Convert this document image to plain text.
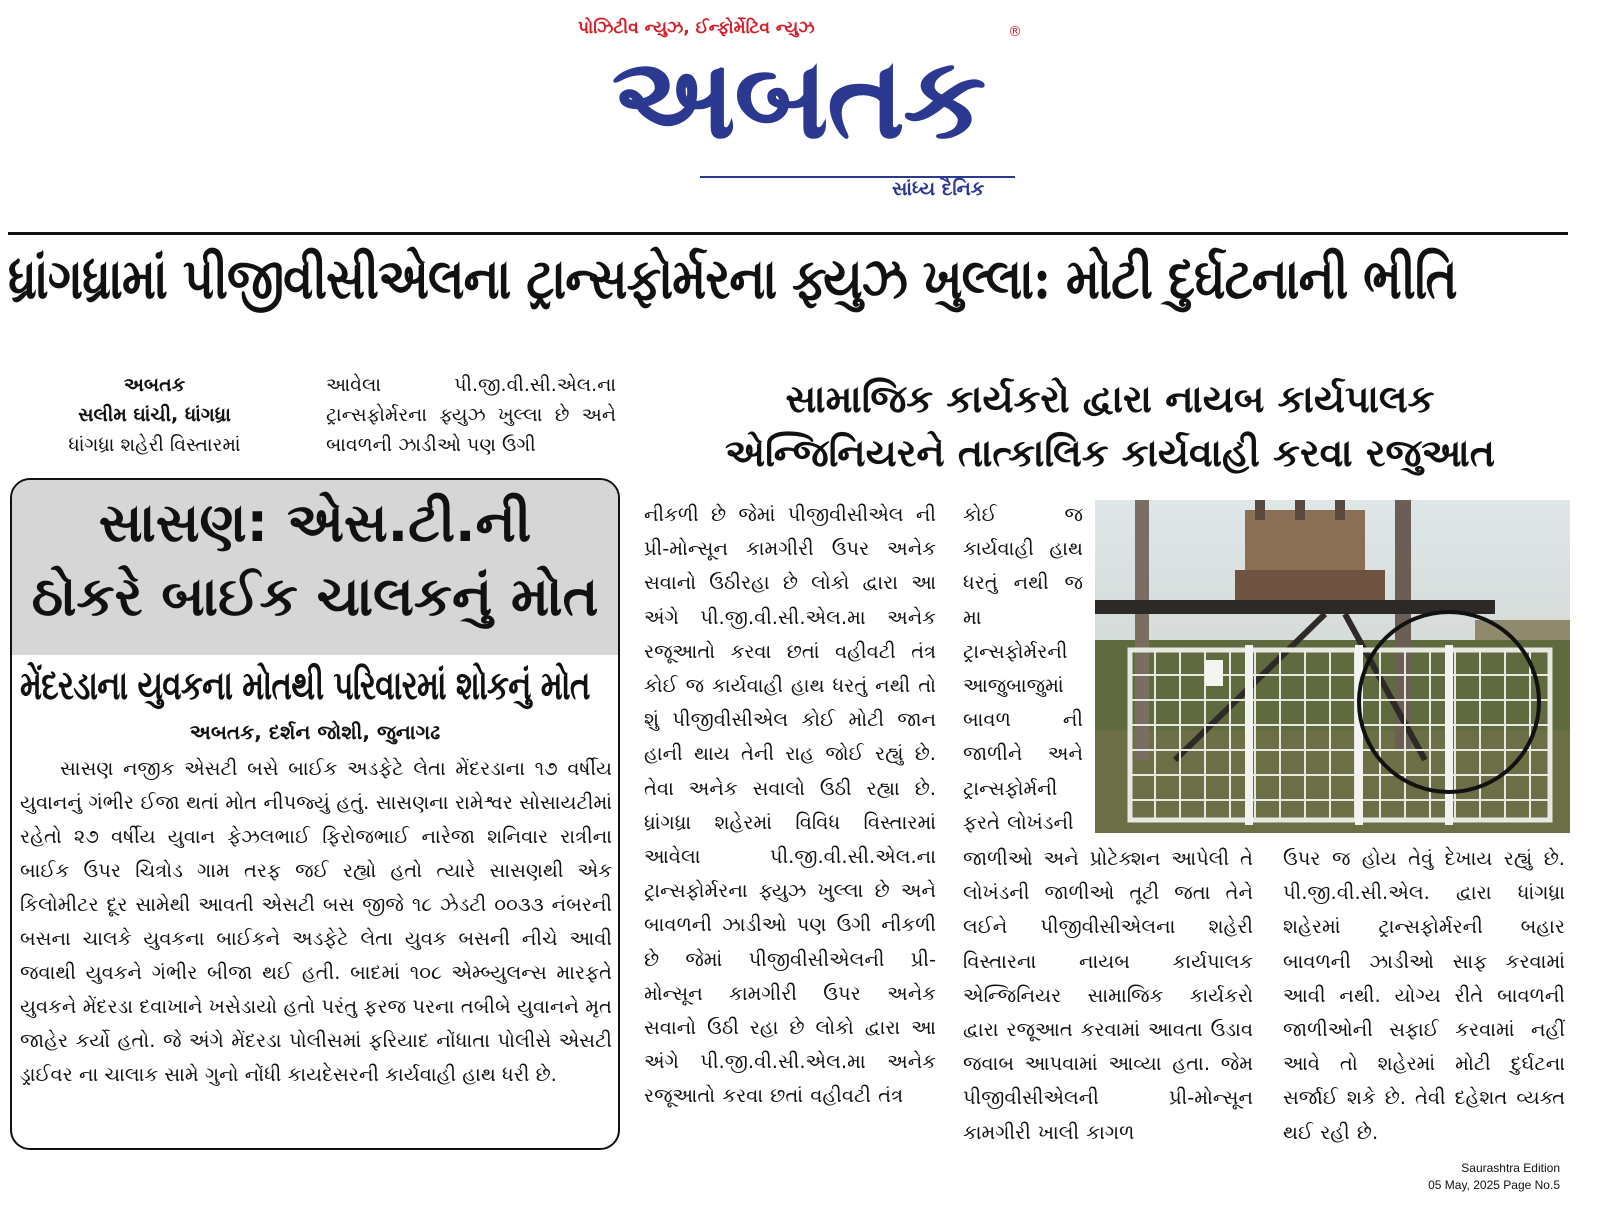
પોઝિટીવ ન્યુઝ, ઈન્ફોર્મેટિવ ન્યુઝ
અબતક
®
સાંધ્ય દૈનિક
ધ્રાંગધ્રામાં પીજીવીસીએલના ટ્રાન્સફોર્મરના ફ્યુઝ ખુલ્લા: મોટી દુર્ઘટનાની ભીતિ
સામાજિક કાર્યકરો દ્વારા નાયબ કાર્યપાલક
એન્જિનિયરને તાત્કાલિક કાર્યવાહી કરવા રજુઆત
અબતક
સલીમ ઘાંચી, ધાંગધ્રા
ધાંગધ્રા શહેરી વિસ્તારમાં
આવેલા પી.જી.વી.સી.એલ.ના ટ્રાન્સફોર્મરના ફ્યુઝ ખુલ્લા છે અને બાવળની ઝાડીઓ પણ ઉગી
સાસણ: એસ.ટી.ની
ઠોકરે બાઈક ચાલકનું મોત
મેંદરડાના યુવકના મોતથી પરિવારમાં શોકનું મોત
અબતક, દર્શન જોશી, જુનાગઢ
સાસણ નજીક એસટી બસે બાઈક અડફેટે લેતા મેંદરડાના ૧૭ વર્ષીય યુવાનનું ગંભીર ઈજા થતાં મોત નીપજ્યું હતું. સાસણના રામેશ્વર સોસાયટીમાં રહેતો ૨૭ વર્ષીય યુવાન ફેઝલભાઈ ફિરોજભાઈ નારેજા શનિવાર રાત્રીના બાઈક ઉપર ચિત્રોડ ગામ તરફ જઈ રહ્યો હતો ત્યારે સાસણથી એક કિલોમીટર દૂર સામેથી આવતી એસટી બસ જીજે ૧૮ ઝેડટી ૦૦૩૩ નંબરની બસના ચાલકે યુવકના બાઈકને અડફેટે લેતા યુવક બસની નીચે આવી જવાથી યુવકને ગંભીર બીજા થઈ હતી. બાદમાં ૧૦૮ એમ્બ્યુલન્સ મારફતે યુવકને મેંદરડા દવાખાને ખસેડાયો હતો પરંતુ ફરજ પરના તબીબે યુવાનને મૃત જાહેર કર્યો હતો. જે અંગે મેંદરડા પોલીસમાં ફરિયાદ નોંધાતા પોલીસે એસટી ડ્રાઈવર ના ચાલાક સામે ગુનો નોંધી કાયદેસરની કાર્યવાહી હાથ ધરી છે.
નીકળી છે જેમાં પીજીવીસીએલ ની પ્રી-મોન્સૂન કામગીરી ઉપર અનેક સવાનો ઉઠીરહા છે લોકો દ્વારા આ અંગે પી.જી.વી.સી.એલ.મા અનેક રજૂઆતો કરવા છતાં વહીવટી તંત્ર કોઈ જ કાર્યવાહી હાથ ધરતું નથી તો શું પીજીવીસીએલ કોઈ મોટી જાન હાની થાય તેની રાહ જોઈ રહ્યું છે. તેવા અનેક સવાલો ઉઠી રહ્યા છે. ધ્રાંગધ્રા શહેરમાં વિવિધ વિસ્તારમાં આવેલા પી.જી.વી.સી.એલ.ના ટ્રાન્સફોર્મરના ફ્યુઝ ખુલ્લા છે અને બાવળની ઝાડીઓ પણ ઉગી નીકળી છે જેમાં પીજીવીસીએલની પ્રી-મોન્સૂન કામગીરી ઉપર અનેક સવાનો ઉઠી રહા છે લોકો દ્વારા આ અંગે પી.જી.વી.સી.એલ.મા અનેક રજૂઆતો કરવા છતાં વહીવટી તંત્ર
કોઈ જ કાર્યવાહી હાથ ધરતું નથી જ મા ટ્રાન્સફોર્મરની આજુબાજુમાં બાવળ ની જાળીને અને ટ્રાન્સફોર્મની ફરતે લોખંડની
જાળીઓ અને પ્રોટેક્શન આપેલી તે લોખંડની જાળીઓ તૂટી જતા તેને લઈને પીજીવીસીએલના શહેરી વિસ્તારના નાયબ કાર્યપાલક એન્જિનિયર સામાજિક કાર્યકરો દ્વારા રજૂઆત કરવામાં આવતા ઉડાવ જવાબ આપવામાં આવ્યા હતા. જેમ પીજીવીસીએલની પ્રી-મોન્સૂન કામગીરી ખાલી કાગળ
ઉપર જ હોય તેવું દેખાય રહ્યું છે. પી.જી.વી.સી.એલ. દ્વારા ધાંગધ્રા શહેરમાં ટ્રાન્સફોર્મરની બહાર બાવળની ઝાડીઓ સાફ કરવામાં આવી નથી. યોગ્ય રીતે બાવળની જાળીઓની સફાઈ કરવામાં નહીં આવે તો શહેરમાં મોટી દુર્ઘટના સર્જાઈ શકે છે. તેવી દહેશત વ્યક્ત થઈ રહી છે.
Saurashtra Edition
05 May, 2025 Page No.5
